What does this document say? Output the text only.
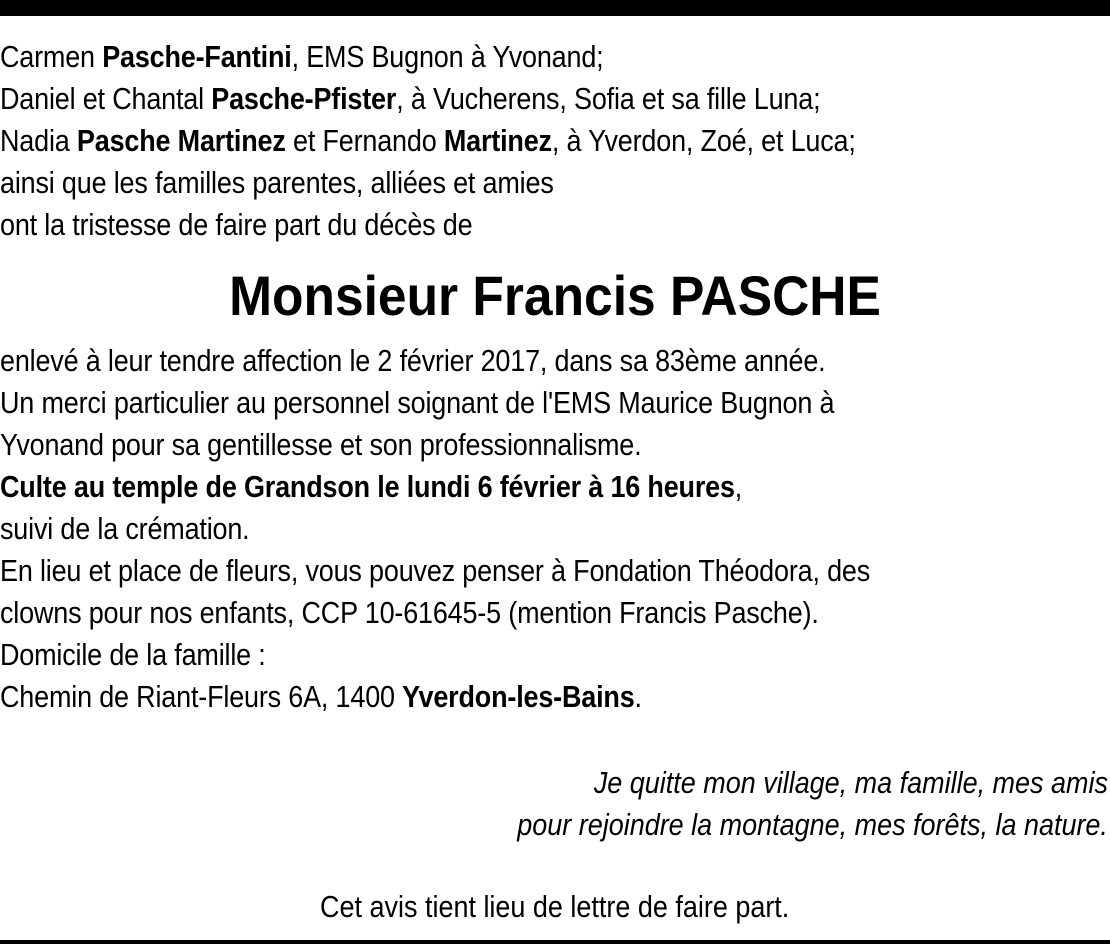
Carmen Pasche-Fantini, EMS Bugnon à Yvonand;
Daniel et Chantal Pasche-Pfister, à Vucherens, Sofia et sa fille Luna;
Nadia Pasche Martinez et Fernando Martinez, à Yverdon, Zoé, et Luca;
ainsi que les familles parentes, alliées et amies
ont la tristesse de faire part du décès de
Monsieur Francis PASCHE
enlevé à leur tendre affection le 2 février 2017, dans sa 83ème année.
Un merci particulier au personnel soignant de l'EMS Maurice Bugnon à
Yvonand pour sa gentillesse et son professionnalisme.
Culte au temple de Grandson le lundi 6 février à 16 heures,
suivi de la crémation.
En lieu et place de fleurs, vous pouvez penser à Fondation Théodora, des
clowns pour nos enfants, CCP 10-61645-5 (mention Francis Pasche).
Domicile de la famille :
Chemin de Riant-Fleurs 6A, 1400 Yverdon-les-Bains.
Je quitte mon village, ma famille, mes amis
pour rejoindre la montagne, mes forêts, la nature.
Cet avis tient lieu de lettre de faire part.
